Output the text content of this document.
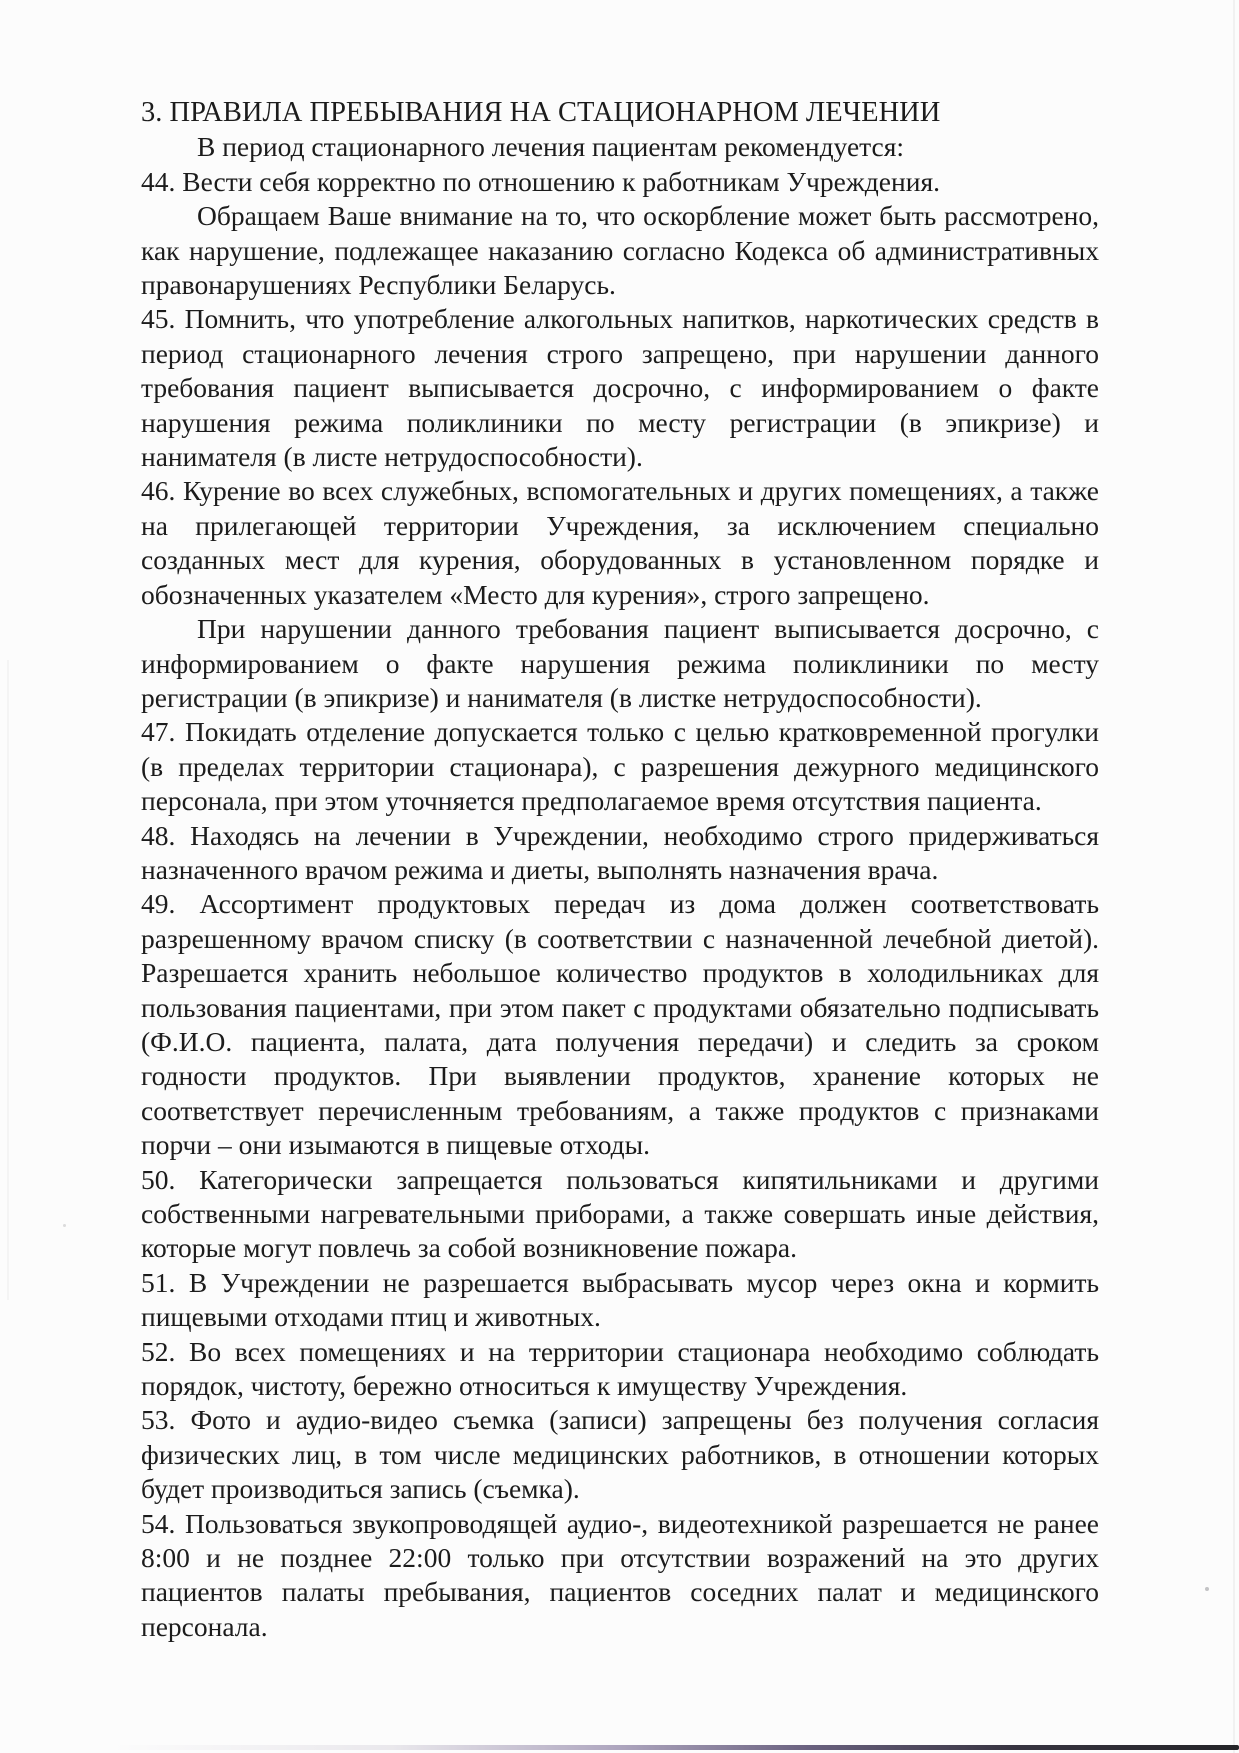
3. ПРАВИЛА ПРЕБЫВАНИЯ НА СТАЦИОНАРНОМ ЛЕЧЕНИИ

В период стационарного лечения пациентам рекомендуется:

44. Вести себя корректно по отношению к работникам Учреждения.

Обращаем Ваше внимание на то, что оскорбление может быть рассмотрено, как нарушение, подлежащее наказанию согласно Кодекса об административных правонарушениях Республики Беларусь.

45. Помнить, что употребление алкогольных напитков, наркотических средств в период стационарного лечения строго запрещено, при нарушении данного требования пациент выписывается досрочно, с информированием о факте нарушения режима поликлиники по месту регистрации (в эпикризе) и нанимателя (в листе нетрудоспособности).

46. Курение во всех служебных, вспомогательных и других помещениях, а также на прилегающей территории Учреждения, за исключением специально созданных мест для курения, оборудованных в установленном порядке и обозначенных указателем «Место для курения», строго запрещено.

При нарушении данного требования пациент выписывается досрочно, с информированием о факте нарушения режима поликлиники по месту регистрации (в эпикризе) и нанимателя (в листке нетрудоспособности).

47. Покидать отделение допускается только с целью кратковременной прогулки (в пределах территории стационара), с разрешения дежурного медицинского персонала, при этом уточняется предполагаемое время отсутствия пациента.

48. Находясь на лечении в Учреждении, необходимо строго придерживаться назначенного врачом режима и диеты, выполнять назначения врача.

49. Ассортимент продуктовых передач из дома должен соответствовать разрешенному врачом списку (в соответствии с назначенной лечебной диетой). Разрешается хранить небольшое количество продуктов в холодильниках для пользования пациентами, при этом пакет с продуктами обязательно подписывать (Ф.И.О. пациента, палата, дата получения передачи) и следить за сроком годности продуктов. При выявлении продуктов, хранение которых не соответствует перечисленным требованиям, а также продуктов с признаками порчи – они изымаются в пищевые отходы.

50. Категорически запрещается пользоваться кипятильниками и другими собственными нагревательными приборами, а также совершать иные действия, которые могут повлечь за собой возникновение пожара.

51. В Учреждении не разрешается выбрасывать мусор через окна и кормить пищевыми отходами птиц и животных.

52. Во всех помещениях и на территории стационара необходимо соблюдать порядок, чистоту, бережно относиться к имуществу Учреждения.

53. Фото и аудио-видео съемка (записи) запрещены без получения согласия физических лиц, в том числе медицинских работников, в отношении которых будет производиться запись (съемка).

54. Пользоваться звукопроводящей аудио-, видеотехникой разрешается не ранее 8:00 и не позднее 22:00 только при отсутствии возражений на это других пациентов палаты пребывания, пациентов соседних палат и медицинского персонала.
